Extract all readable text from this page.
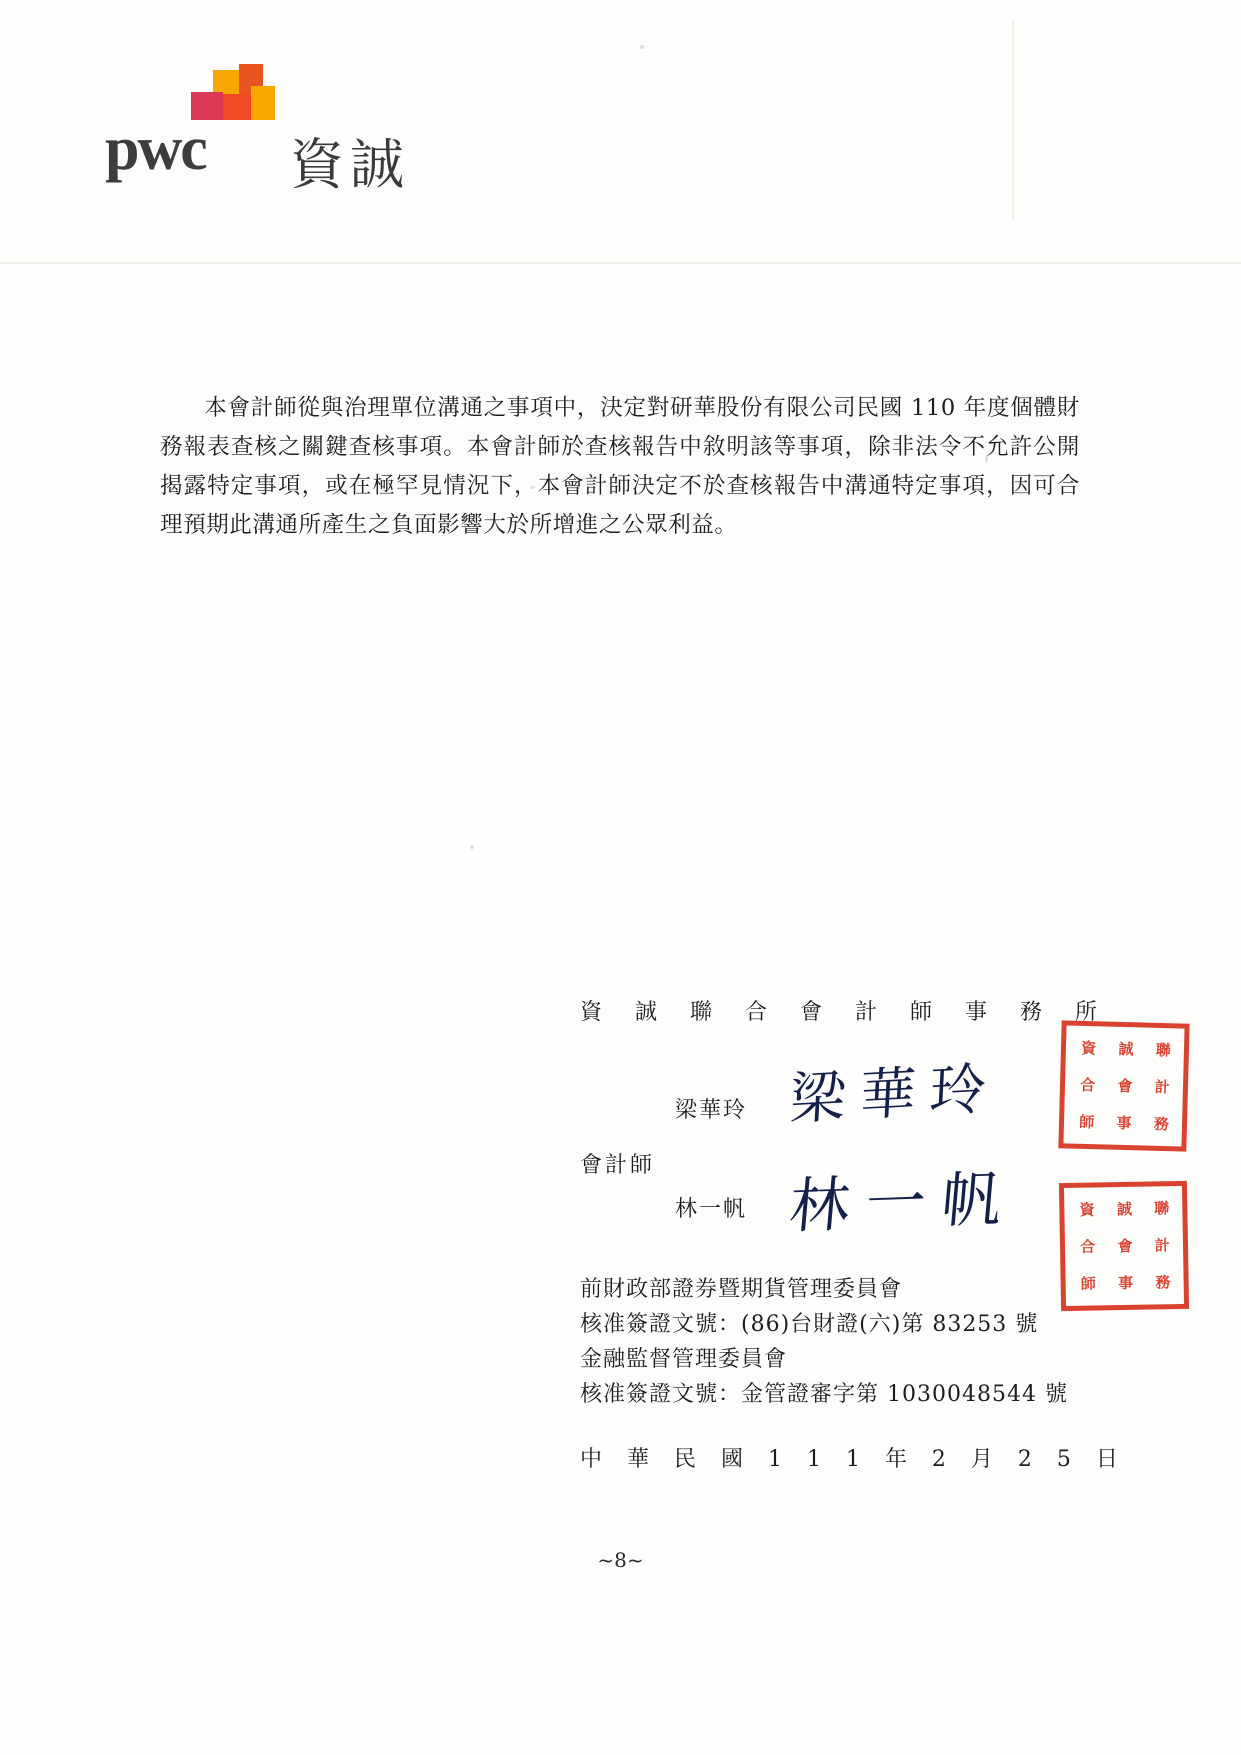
pwc 資誠

本會計師從與治理單位溝通之事項中，決定對研華股份有限公司民國 110 年度個體財務報表查核之關鍵查核事項。本會計師於查核報告中敘明該等事項，除非法令不允許公開揭露特定事項，或在極罕見情況下，本會計師決定不於查核報告中溝通特定事項，因可合理預期此溝通所產生之負面影響大於所增進之公眾利益。

資 誠 聯 合 會 計 師 事 務 所
會計師
梁華玲
林一帆
梁華玲
林一帆
資	誠	聯
合	會	計
師	事	務
資	誠	聯
合	會	計
師	事	務
前財政部證券暨期貨管理委員會
核准簽證文號：(86)台財證(六)第 83253 號
金融監督管理委員會
核准簽證文號：金管證審字第 1030048544 號
中 華 民 國 1 1 1 年 2 月 2 5 日
~8~
